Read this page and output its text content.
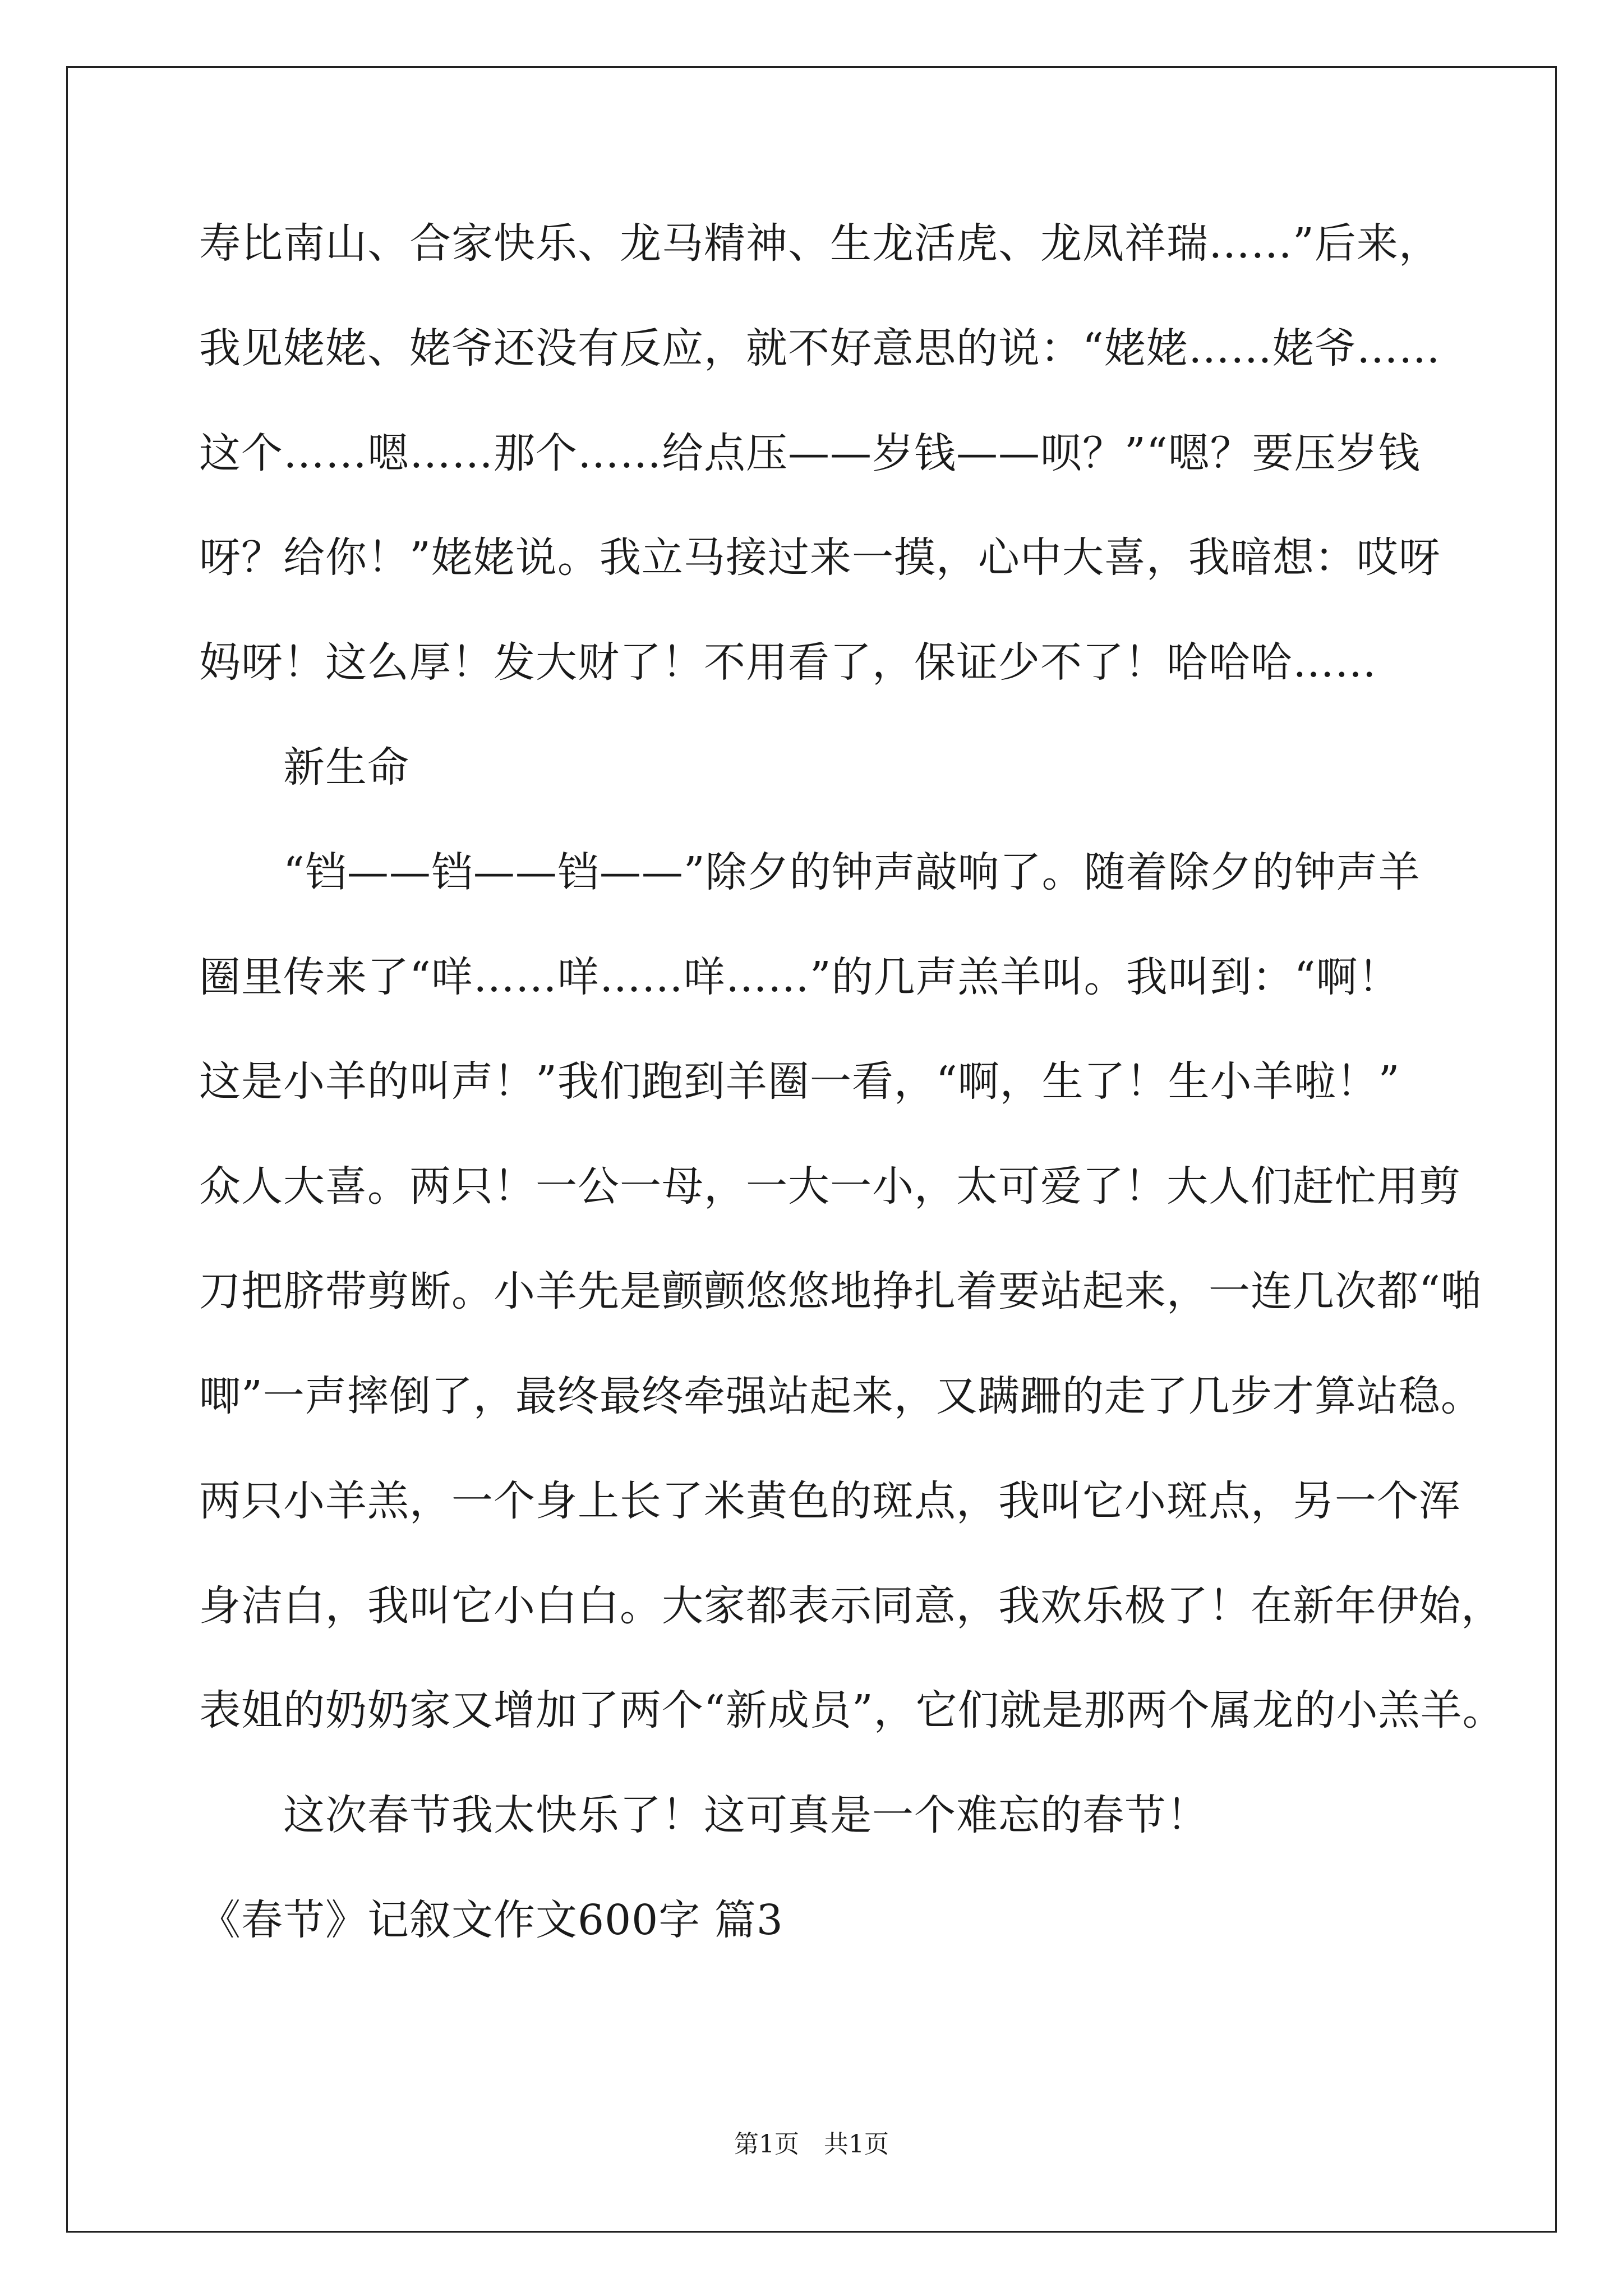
寿比南山、合家快乐、龙马精神、生龙活虎、龙凤祥瑞……”后来，
我见姥姥、姥爷还没有反应，就不好意思的说：“姥姥……姥爷……
这个……嗯……那个……给点压——岁钱——呗？”“嗯？要压岁钱
呀？给你！”姥姥说。我立马接过来一摸，心中大喜，我暗想：哎呀
妈呀！这么厚！发大财了！不用看了，保证少不了！哈哈哈……
新生命
“铛——铛——铛——”除夕的钟声敲响了。随着除夕的钟声羊
圈里传来了“咩……咩……咩……”的几声羔羊叫。我叫到：“啊！
这是小羊的叫声！”我们跑到羊圈一看，“啊，生了！生小羊啦！”
众人大喜。两只！一公一母，一大一小，太可爱了！大人们赶忙用剪
刀把脐带剪断。小羊先是颤颤悠悠地挣扎着要站起来，一连几次都“啪
唧”一声摔倒了，最终最终牵强站起来，又蹒跚的走了几步才算站稳。
两只小羊羔，一个身上长了米黄色的斑点，我叫它小斑点，另一个浑
身洁白，我叫它小白白。大家都表示同意，我欢乐极了！在新年伊始，
表姐的奶奶家又增加了两个“新成员”，它们就是那两个属龙的小羔羊。
这次春节我太快乐了！这可真是一个难忘的春节！
《春节》记叙文作文600字 篇3
第1页　共1页
